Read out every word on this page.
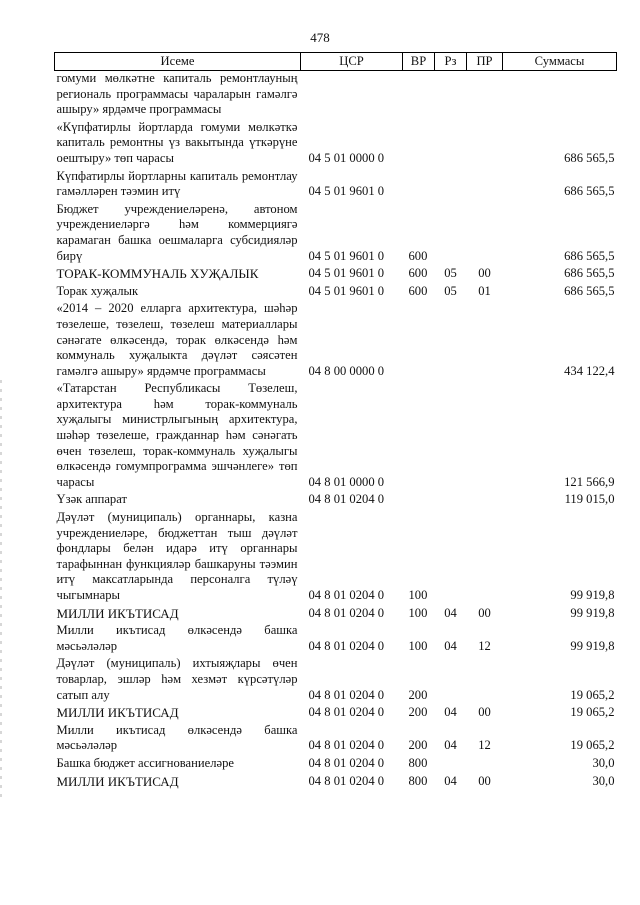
478
Исеме	ЦСР	ВР	Рз	ПР	Суммасы
гомуми мөлкәтне капиталь ремонтлауның региональ программасы чараларын гамәлгә ашыру» ярдәмче программасы					
«Күпфатирлы йортларда гомуми мөлкәткә капиталь ремонтны үз вакытында үткәрүне оештыру» төп чарасы	04 5 01 0000 0				686 565,5
Күпфатирлы йортларны капиталь ремонтлау гамәлләрен тәэмин итү	04 5 01 9601 0				686 565,5
Бюджет учреждениеләренә, автоном учреждениеләргә һәм коммерциягә карамаган башка оешмаларга субсидияләр бирү	04 5 01 9601 0	600			686 565,5
ТОРАК-КОММУНАЛЬ ХУҖАЛЫК	04 5 01 9601 0	600	05	00	686 565,5
Торак хуҗалык	04 5 01 9601 0	600	05	01	686 565,5
«2014 – 2020 елларга архитектура, шәһәр төзелеше, төзелеш, төзелеш материаллары сәнәгате өлкәсендә, торак өлкәсендә һәм коммуналь хуҗалыкта дәүләт сәясәтен гамәлгә ашыру» ярдәмче программасы	04 8 00 0000 0				434 122,4
«Татарстан Республикасы Төзелеш, архитектура һәм торак-коммуналь хуҗалыгы министрлыгының архитектура, шәһәр төзелеше, гражданнар һәм сәнәгать өчен төзелеш, торак-коммуналь хуҗалыгы өлкәсендә гомумпрограмма эшчәнлеге» төп чарасы	04 8 01 0000 0				121 566,9
Үзәк аппарат	04 8 01 0204 0				119 015,0
Дәүләт (муниципаль) органнары, казна учреждениеләре, бюджеттан тыш дәүләт фондлары белән идарә итү органнары тарафыннан функцияләр башкаруны тәэмин итү максатларында персоналга түләү чыгымнары	04 8 01 0204 0	100			99 919,8
МИЛЛИ ИКЪТИСАД	04 8 01 0204 0	100	04	00	99 919,8
Милли икътисад өлкәсендә башка мәсьәләләр	04 8 01 0204 0	100	04	12	99 919,8
Дәүләт (муниципаль) ихтыяҗлары өчен товарлар, эшләр һәм хезмәт күрсәтүләр сатып алу	04 8 01 0204 0	200			19 065,2
МИЛЛИ ИКЪТИСАД	04 8 01 0204 0	200	04	00	19 065,2
Милли икътисад өлкәсендә башка мәсьәләләр	04 8 01 0204 0	200	04	12	19 065,2
Башка бюджет ассигнованиеләре	04 8 01 0204 0	800			30,0
МИЛЛИ ИКЪТИСАД	04 8 01 0204 0	800	04	00	30,0
